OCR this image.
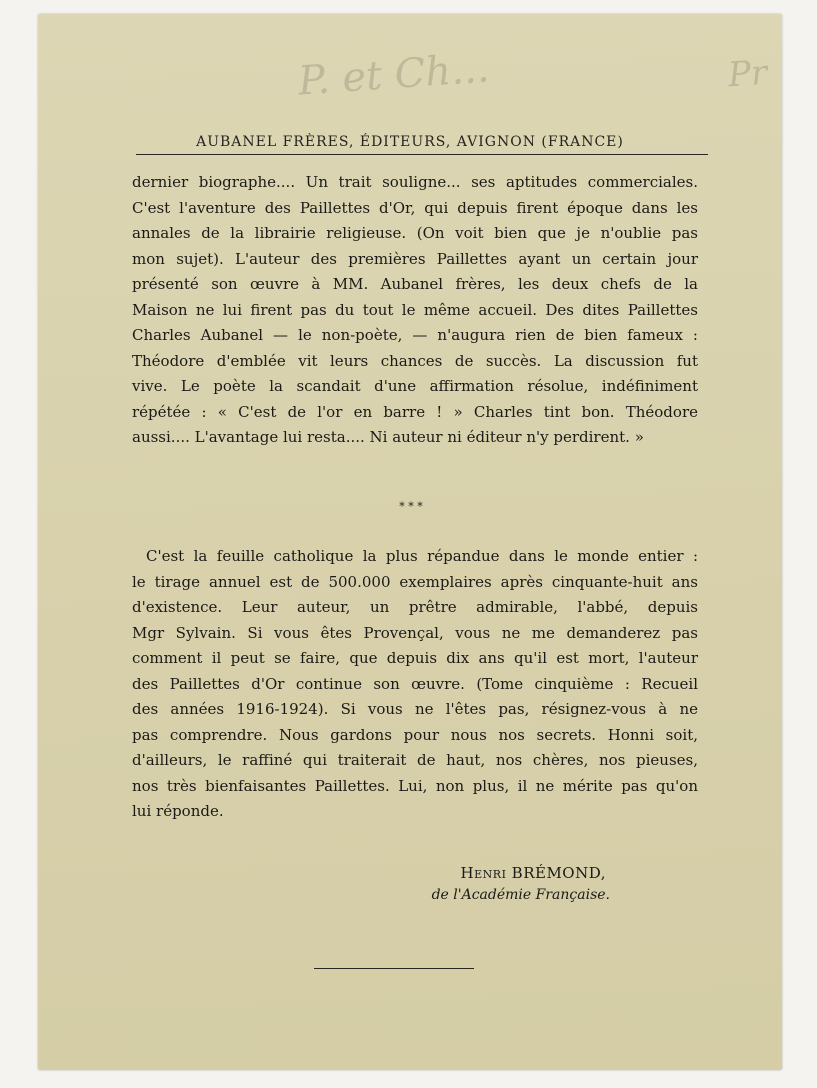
P. et Ch...	Pr
AUBANEL FRÈRES, ÉDITEURS, AVIGNON (FRANCE)
dernier biographe.... Un trait souligne... ses aptitudes commerciales.
C'est l'aventure des Paillettes d'Or, qui depuis firent époque dans les
annales de la librairie religieuse. (On voit bien que je n'oublie pas
mon sujet). L'auteur des premières Paillettes ayant un certain jour
présenté son œuvre à MM. Aubanel frères, les deux chefs de la
Maison ne lui firent pas du tout le même accueil. Des dites Paillettes
Charles Aubanel — le non-poète, — n'augura rien de bien fameux :
Théodore d'emblée vit leurs chances de succès. La discussion fut
vive. Le poète la scandait d'une affirmation résolue, indéfiniment
répétée : « C'est de l'or en barre ! » Charles tint bon. Théodore
aussi.... L'avantage lui resta.... Ni auteur ni éditeur n'y perdirent. »
* * *
C'est la feuille catholique la plus répandue dans le monde entier :
le tirage annuel est de 500.000 exemplaires après cinquante-huit ans
d'existence. Leur auteur, un prêtre admirable, l'abbé, depuis
Mgr Sylvain. Si vous êtes Provençal, vous ne me demanderez pas
comment il peut se faire, que depuis dix ans qu'il est mort, l'auteur
des Paillettes d'Or continue son œuvre. (Tome cinquième : Recueil
des années 1916-1924). Si vous ne l'êtes pas, résignez-vous à ne
pas comprendre. Nous gardons pour nous nos secrets. Honni soit,
d'ailleurs, le raffiné qui traiterait de haut, nos chères, nos pieuses,
nos très bienfaisantes Paillettes. Lui, non plus, il ne mérite pas qu'on
lui réponde.
Henri BRÉMOND,
de l'Académie Française.
